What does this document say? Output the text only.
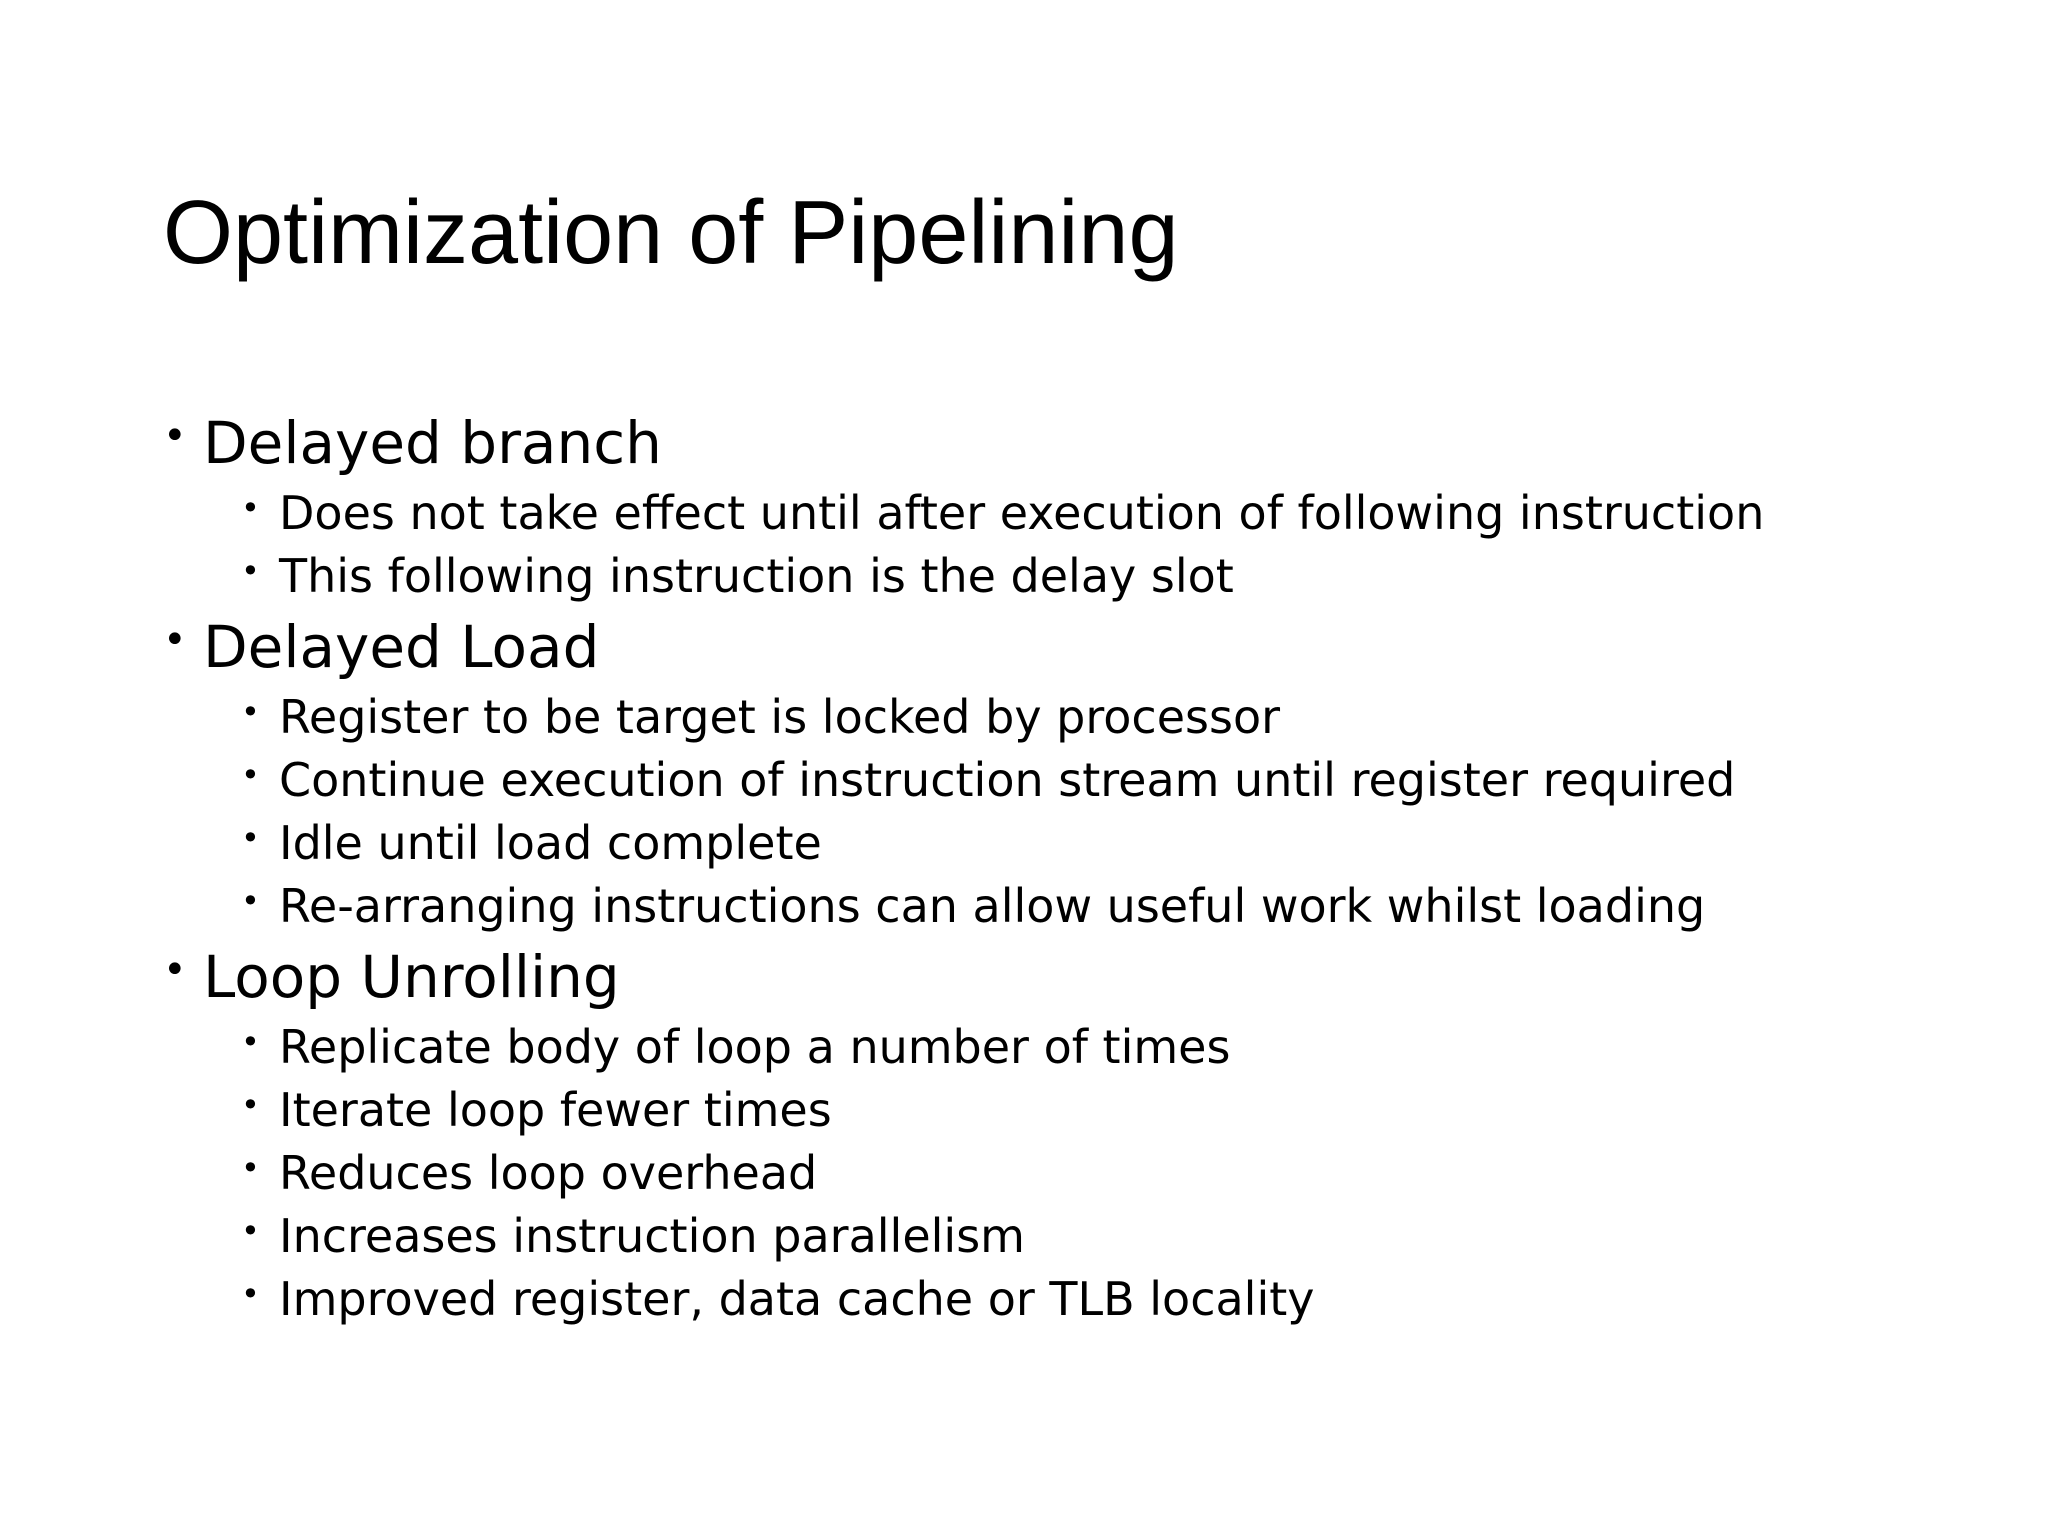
Optimization of Pipelining
• Delayed branch
• Does not take effect until after execution of following instruction
• This following instruction is the delay slot
• Delayed Load
• Register to be target is locked by processor
• Continue execution of instruction stream until register required
• Idle until load complete
• Re-arranging instructions can allow useful work whilst loading
• Loop Unrolling
• Replicate body of loop a number of times
• Iterate loop fewer times
• Reduces loop overhead
• Increases instruction parallelism
• Improved register, data cache or TLB locality
